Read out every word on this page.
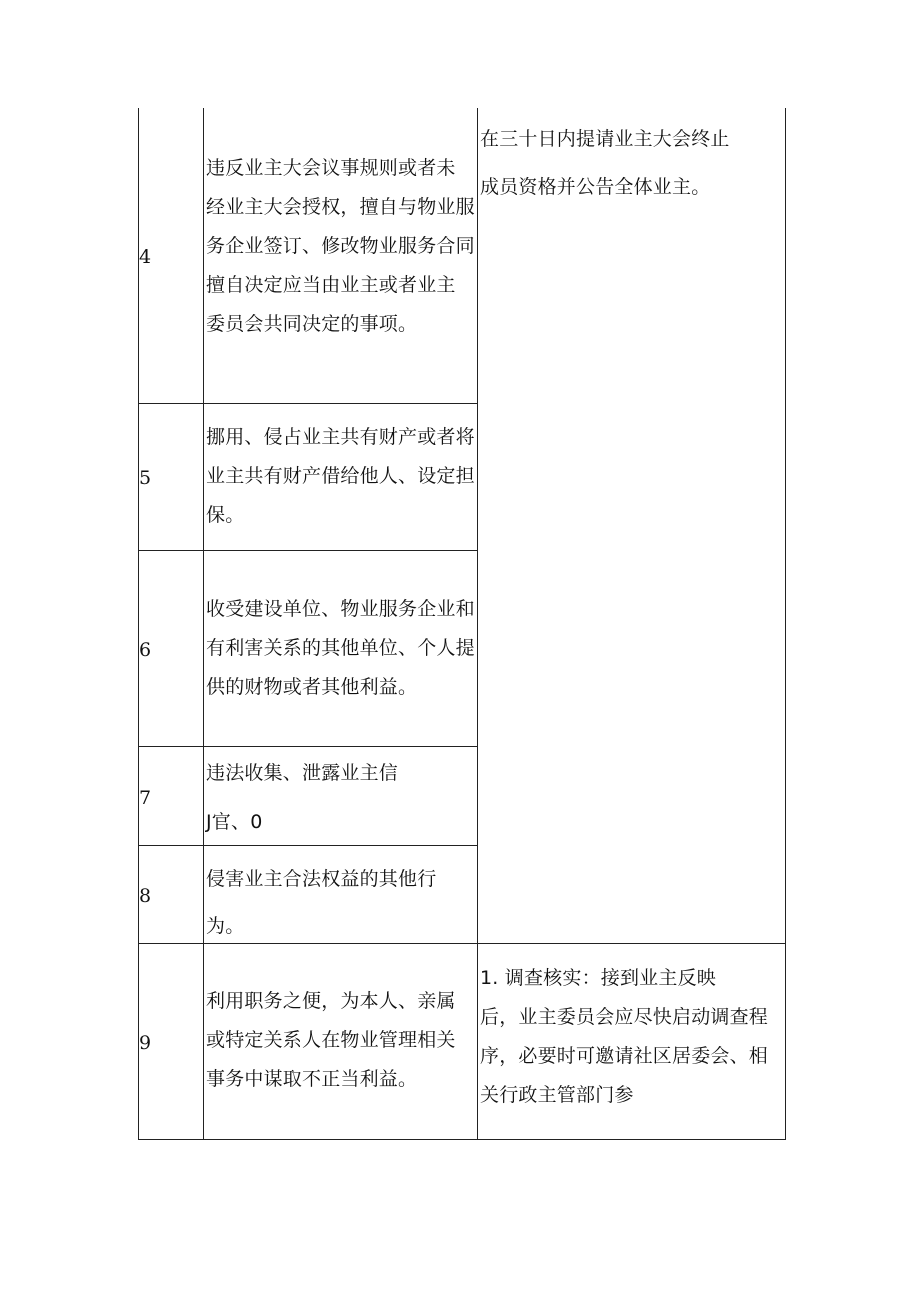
4
违反业主大会议事规则或者未
经业主大会授权，擅自与物业服
务企业签订、修改物业服务合同
擅自决定应当由业主或者业主
委员会共同决定的事项。
在三十日内提请业主大会终止
成员资格并公告全体业主。
5
挪用、侵占业主共有财产或者将
业主共有财产借给他人、设定担
保。
6
收受建设单位、物业服务企业和
有利害关系的其他单位、个人提
供的财物或者其他利益。
7
违法收集、泄露业主信
J官、0
8
侵害业主合法权益的其他行
为。
9
利用职务之便，为本人、亲属
或特定关系人在物业管理相关
事务中谋取不正当利益。
1. 调查核实：接到业主反映
后，业主委员会应尽快启动调查程
序，必要时可邀请社区居委会、相
关行政主管部门参
